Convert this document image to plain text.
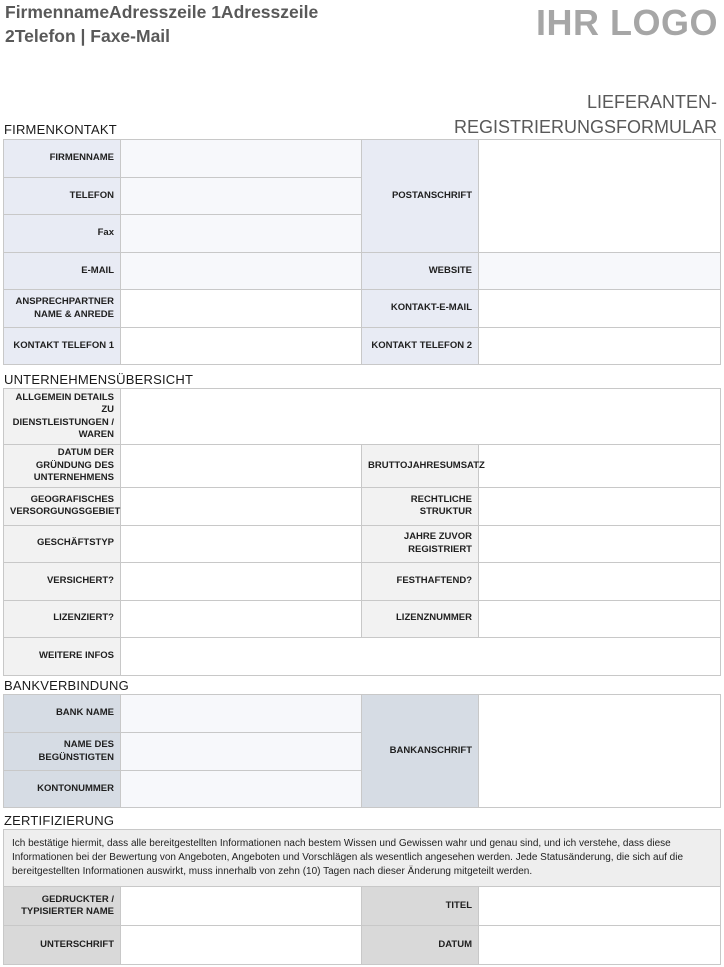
FirmennameAdresszeile 1Adresszeile
2Telefon | Faxe-Mail	IHR LOGO
LIEFERANTEN-
REGISTRIERUNGSFORMULAR
FIRMENKONTAKT
FIRMENNAME		POSTANSCHRIFT	
TELEFON			
Fax			
E-MAIL		WEBSITE	
ANSPRECHPARTNER NAME & ANREDE		KONTAKT-E-MAIL	
KONTAKT TELEFON 1		KONTAKT TELEFON 2	
UNTERNEHMENSÜBERSICHT
ALLGEMEIN DETAILS ZU DIENSTLEISTUNGEN / WAREN			
DATUM DER GRÜNDUNG DES UNTERNEHMENS		BRUTTOJAHRESUMSATZ	
GEOGRAFISCHES VERSORGUNGSGEBIET		RECHTLICHE STRUKTUR	
GESCHÄFTSTYP		JAHRE ZUVOR REGISTRIERT	
VERSICHERT?		FESTHAFTEND?	
LIZENZIERT?		LIZENZNUMMER	
WEITERE INFOS			
BANKVERBINDUNG
BANK NAME		BANKANSCHRIFT	
NAME DES BEGÜNSTIGTEN			
KONTONUMMER			
ZERTIFIZIERUNG
Ich bestätige hiermit, dass alle bereitgestellten Informationen nach bestem Wissen und Gewissen wahr und genau sind, und ich verstehe, dass diese Informationen bei der Bewertung von Angeboten, Angeboten und Vorschlägen als wesentlich angesehen werden. Jede Statusänderung, die sich auf die bereitgestellten Informationen auswirkt, muss innerhalb von zehn (10) Tagen nach dieser Änderung mitgeteilt werden.			
GEDRUCKTER / TYPISIERTER NAME		TITEL	
UNTERSCHRIFT		DATUM	
